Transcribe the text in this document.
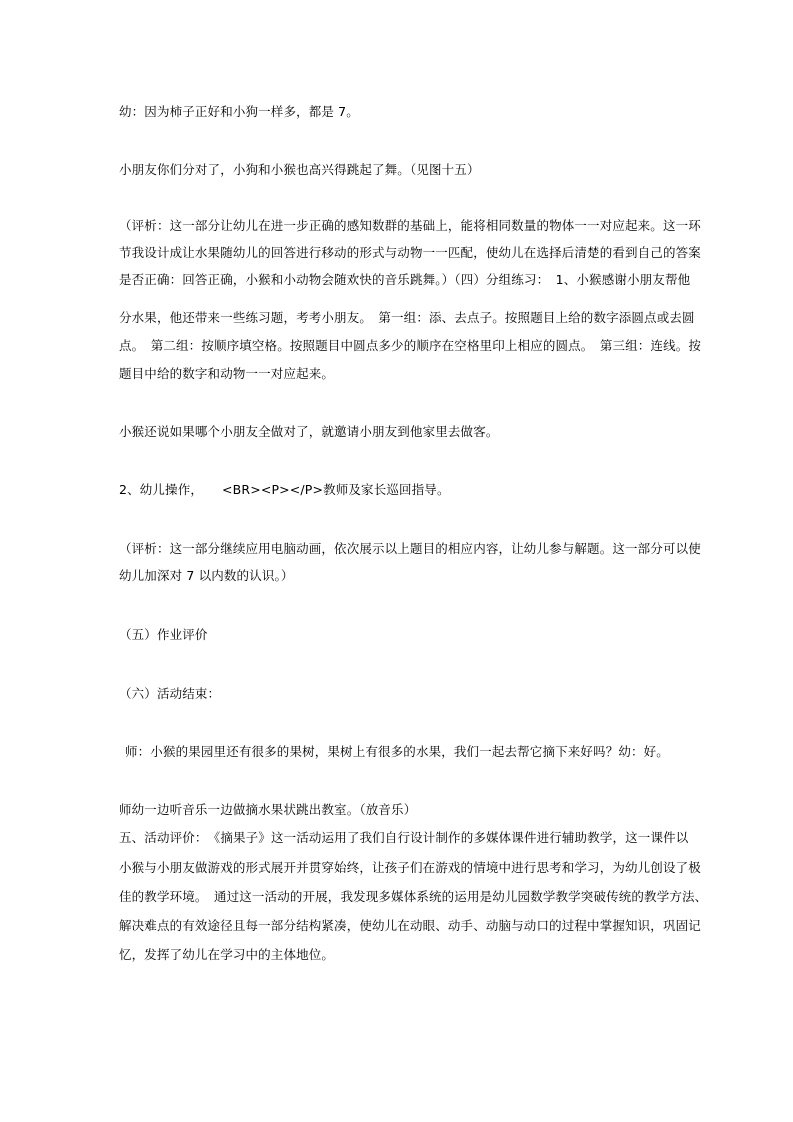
幼：因为柿子正好和小狗一样多，都是 7。
小朋友你们分对了，小狗和小猴也高兴得跳起了舞。（见图十五）
（评析：这一部分让幼儿在进一步正确的感知数群的基础上，能将相同数量的物体一一对应起来。这一环
节我设计成让水果随幼儿的回答进行移动的形式与动物一一匹配，使幼儿在选择后清楚的看到自己的答案
是否正确：回答正确，小猴和小动物会随欢快的音乐跳舞。）（四）分组练习：　1、小猴感谢小朋友帮他
分水果，他还带来一些练习题，考考小朋友。　第一组：添、去点子。按照题目上给的数字添圆点或去圆
点。　第二组：按顺序填空格。按照题目中圆点多少的顺序在空格里印上相应的圆点。　第三组：连线。按
题目中给的数字和动物一一对应起来。
小猴还说如果哪个小朋友全做对了，就邀请小朋友到他家里去做客。
2、幼儿操作，　　<BR><P></P>教师及家长巡回指导。
（评析：这一部分继续应用电脑动画，依次展示以上题目的相应内容，让幼儿参与解题。这一部分可以使
幼儿加深对 7 以内数的认识。）
（五）作业评价
（六）活动结束：
师：小猴的果园里还有很多的果树，果树上有很多的水果，我们一起去帮它摘下来好吗？幼：好。
师幼一边听音乐一边做摘水果状跳出教室。（放音乐）
五、活动评价：　《摘果子》这一活动运用了我们自行设计制作的多媒体课件进行辅助教学，这一课件以
小猴与小朋友做游戏的形式展开并贯穿始终，让孩子们在游戏的情境中进行思考和学习，为幼儿创设了极
佳的教学环境。　通过这一活动的开展，我发现多媒体系统的运用是幼儿园数学教学突破传统的教学方法、
解决难点的有效途径且每一部分结构紧凑，使幼儿在动眼、动手、动脑与动口的过程中掌握知识，巩固记
忆，发挥了幼儿在学习中的主体地位。
